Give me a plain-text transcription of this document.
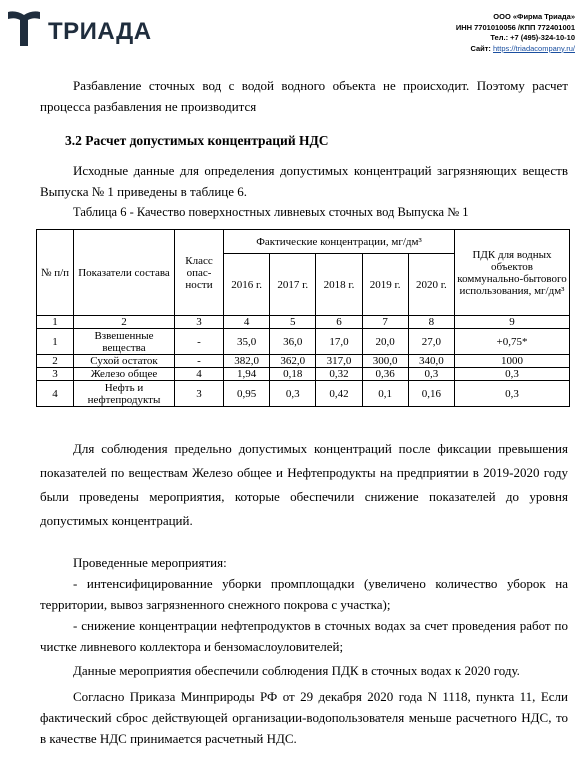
ТРИАДА
ООО «Фирма Триада»
ИНН 7701010056 /КПП 772401001
Тел.: +7 (495)-324-10-10
Сайт: https://triadacompany.ru/
Разбавление сточных вод с водой водного объекта не происходит. Поэтому расчет процесса разбавления не производится
3.2 Расчет допустимых концентраций НДС
Исходные данные для определения допустимых концентраций загрязняющих веществ Выпуска № 1 приведены в таблице 6.
Таблица 6 - Качество поверхностных ливневых сточных вод Выпуска № 1
№ п/п	Показатели состава	Класс опас-ности	Фактические концентрации, мг/дм³					ПДК для водных объектов коммунально-бытового использования, мг/дм³
			2016 г.	2017 г.	2018 г.	2019 г.	2020 г.	
1	2	3	4	5	6	7	8	9
1	Взвешенные вещества	-	35,0	36,0	17,0	20,0	27,0	+0,75*
2	Сухой остаток	-	382,0	362,0	317,0	300,0	340,0	1000
3	Железо общее	4	1,94	0,18	0,32	0,36	0,3	0,3
4	Нефть и нефтепродукты	3	0,95	0,3	0,42	0,1	0,16	0,3
Для соблюдения предельно допустимых концентраций после фиксации превышения показателей по веществам Железо общее и Нефтепродукты на предприятии в 2019-2020 году были проведены мероприятия, которые обеспечили снижение показателей до уровня допустимых концентраций.
Проведенные мероприятия:
- интенсифицированние уборки промплощадки (увеличено количество уборок на территории, вывоз загрязненного снежного покрова с участка);
- снижение концентрации нефтепродуктов в сточных водах за счет проведения работ по чистке ливневого коллектора и бензомаслоуловителей;
Данные мероприятия обеспечили соблюдения ПДК в сточных водах к 2020 году.
Согласно Приказа Минприроды РФ от 29 декабря 2020 года N 1118, пункта 11, Если фактический сброс действующей организации-водопользователя меньше расчетного НДС, то в качестве НДС принимается расчетный НДС.
